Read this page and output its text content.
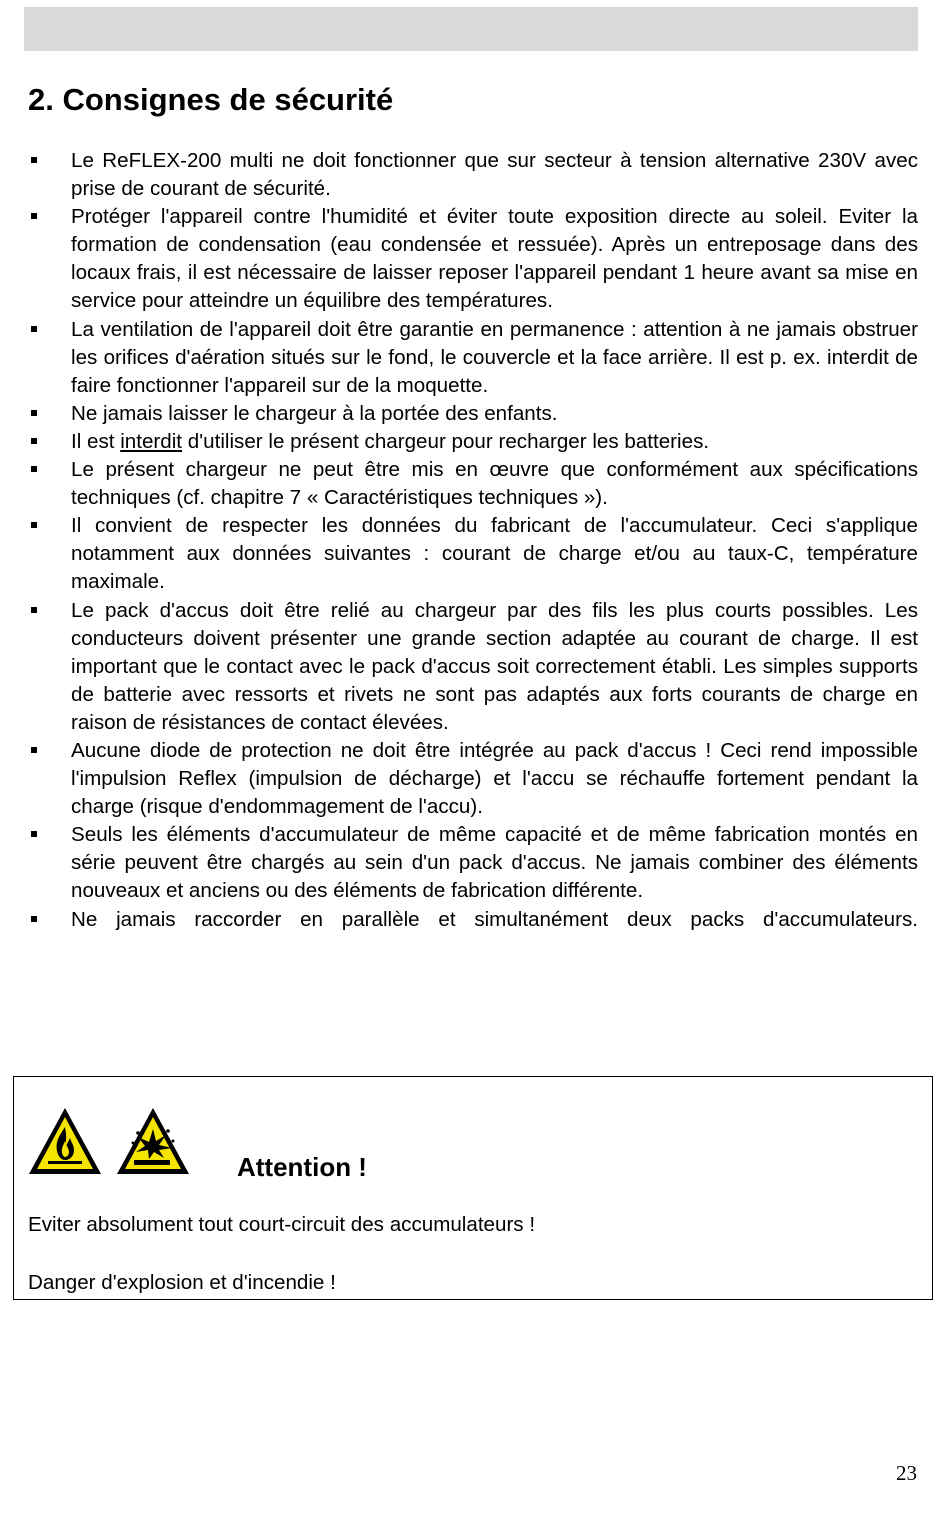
2. Consignes de sécurité
Le ReFLEX-200 multi ne doit fonctionner que sur secteur à tension alternative 230V avec prise de courant de sécurité.
Protéger l'appareil contre l'humidité et éviter toute exposition directe au soleil. Eviter la formation de condensation (eau condensée et ressuée). Après un entreposage dans des locaux frais, il est nécessaire de laisser reposer l'appareil pendant 1 heure avant sa mise en service pour atteindre un équilibre des températures.
La ventilation de l'appareil doit être garantie en permanence : attention à ne jamais obstruer les orifices d'aération situés sur le fond, le couvercle et la face arrière. Il est p. ex. interdit de faire fonctionner l'appareil sur de la moquette.
Ne jamais laisser le chargeur à la portée des enfants.
Il est interdit d'utiliser le présent chargeur pour recharger les batteries.
Le présent chargeur ne peut être mis en œuvre que conformément aux spécifications techniques (cf. chapitre 7 « Caractéristiques techniques »).
Il convient de respecter les données du fabricant de l'accumulateur. Ceci s'applique notamment aux données suivantes : courant de charge et/ou au taux-C, température maximale.
Le pack d'accus doit être relié au chargeur par des fils les plus courts possibles. Les conducteurs doivent présenter une grande section adaptée au courant de charge. Il est important que le contact avec le pack d'accus soit correctement établi. Les simples supports de batterie avec ressorts et rivets ne sont pas adaptés aux forts courants de charge en raison de résistances de contact élevées.
Aucune diode de protection ne doit être intégrée au pack d'accus ! Ceci rend impossible l'impulsion Reflex (impulsion de décharge) et l'accu se réchauffe fortement pendant la charge (risque d'endommagement de l'accu).
Seuls les éléments d'accumulateur de même capacité et de même fabrication montés en série peuvent être chargés au sein d'un pack d'accus. Ne jamais combiner des éléments nouveaux et anciens ou des éléments de fabrication différente.
Ne jamais raccorder en parallèle et simultanément deux packs d'accumulateurs.
Attention !
Eviter absolument tout court-circuit des accumulateurs !
Danger d'explosion et d'incendie !
23
